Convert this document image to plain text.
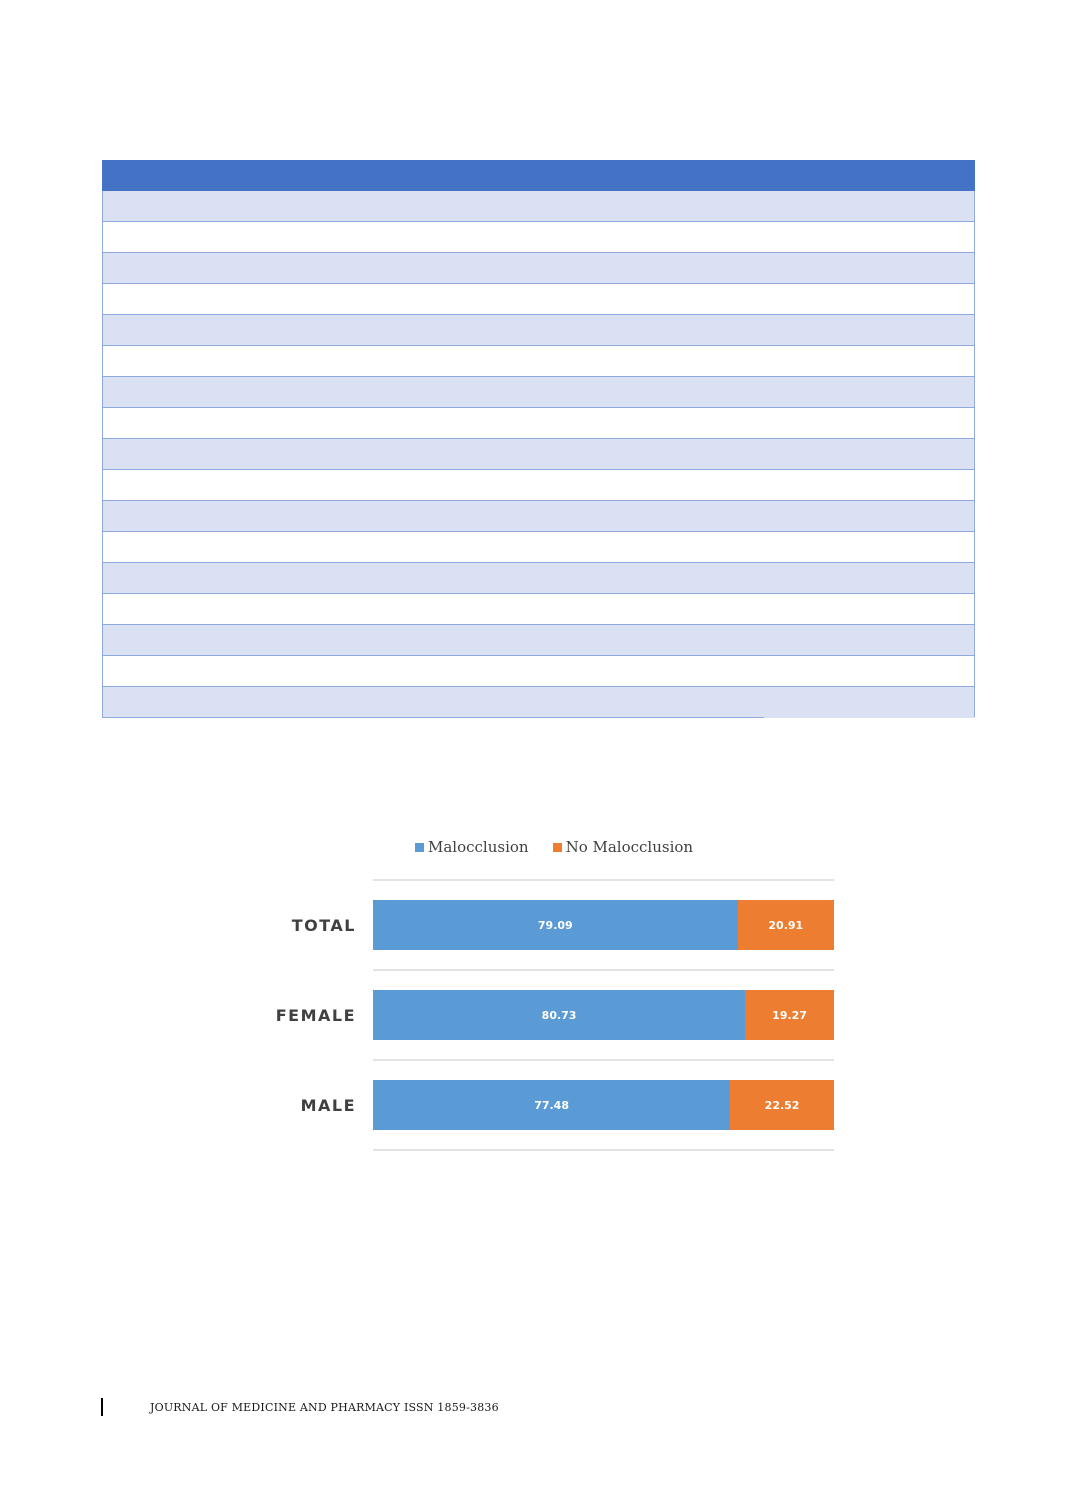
Malocclusion No Malocclusion
TOTAL	79.09	20.91
FEMALE	80.73	19.27
MALE	77.48	22.52
JOURNAL OF MEDICINE AND PHARMACY ISSN 1859-3836
